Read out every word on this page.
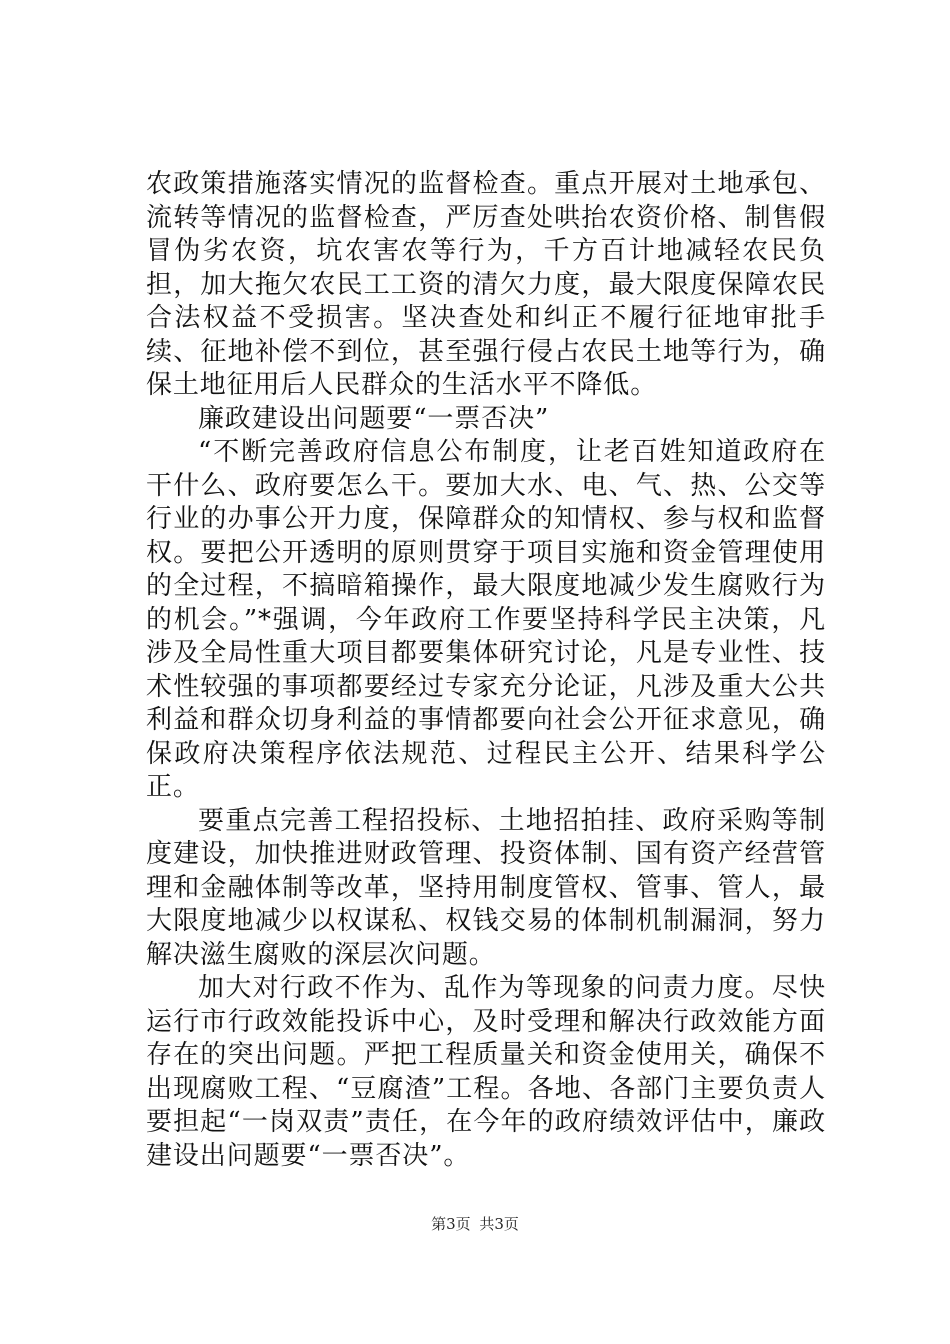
农政策措施落实情况的监督检查。重点开展对土地承包、流转等情况的监督检查，严厉查处哄抬农资价格、制售假冒伪劣农资，坑农害农等行为，千方百计地减轻农民负担，加大拖欠农民工工资的清欠力度，最大限度保障农民合法权益不受损害。坚决查处和纠正不履行征地审批手续、征地补偿不到位，甚至强行侵占农民土地等行为，确保土地征用后人民群众的生活水平不降低。

廉政建设出问题要“一票否决”

“不断完善政府信息公布制度，让老百姓知道政府在干什么、政府要怎么干。要加大水、电、气、热、公交等行业的办事公开力度，保障群众的知情权、参与权和监督权。要把公开透明的原则贯穿于项目实施和资金管理使用的全过程，不搞暗箱操作，最大限度地减少发生腐败行为的机会。”*强调，今年政府工作要坚持科学民主决策，凡涉及全局性重大项目都要集体研究讨论，凡是专业性、技术性较强的事项都要经过专家充分论证，凡涉及重大公共利益和群众切身利益的事情都要向社会公开征求意见，确保政府决策程序依法规范、过程民主公开、结果科学公正。

要重点完善工程招投标、土地招拍挂、政府采购等制度建设，加快推进财政管理、投资体制、国有资产经营管理和金融体制等改革，坚持用制度管权、管事、管人，最大限度地减少以权谋私、权钱交易的体制机制漏洞，努力解决滋生腐败的深层次问题。

加大对行政不作为、乱作为等现象的问责力度。尽快运行市行政效能投诉中心，及时受理和解决行政效能方面存在的突出问题。严把工程质量关和资金使用关，确保不出现腐败工程、“豆腐渣”工程。各地、各部门主要负责人要担起“一岗双责”责任，在今年的政府绩效评估中，廉政建设出问题要“一票否决”。

第3页 共3页
